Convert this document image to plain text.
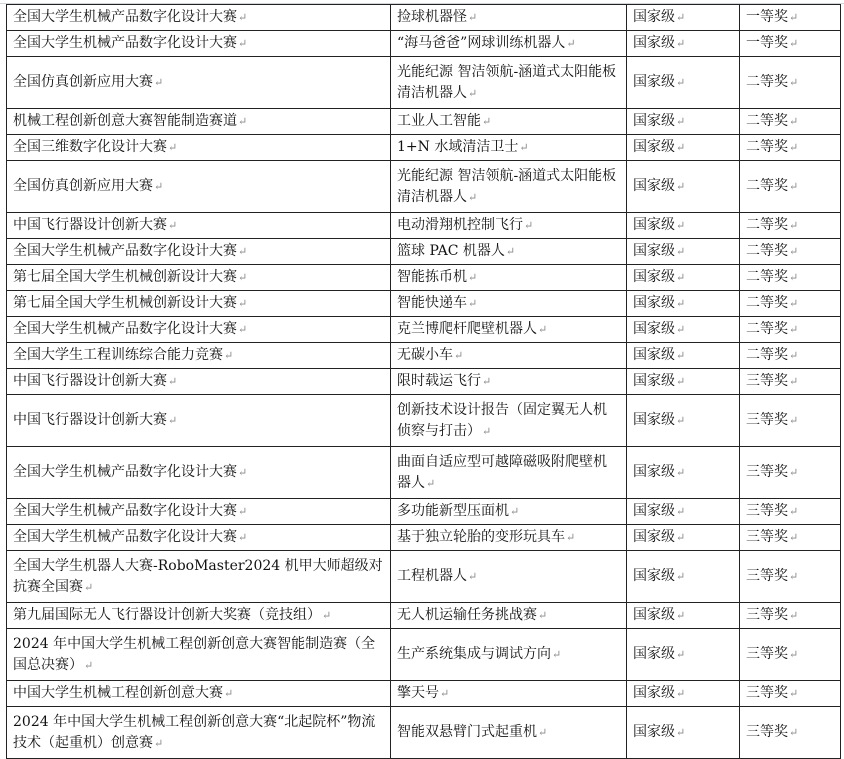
全国大学生机械产品数字化设计大赛↵	捡球机器怪↵	国家级↵	一等奖↵
全国大学生机械产品数字化设计大赛↵	“海马爸爸”网球训练机器人↵	国家级↵	一等奖↵
全国仿真创新应用大赛↵	光能纪源 智洁领航-涵道式太阳能板清洁机器人↵	国家级↵	二等奖↵
机械工程创新创意大赛智能制造赛道↵	工业人工智能↵	国家级↵	二等奖↵
全国三维数字化设计大赛↵	1+N 水域清洁卫士↵	国家级↵	二等奖↵
全国仿真创新应用大赛↵	光能纪源 智洁领航-涵道式太阳能板清洁机器人↵	国家级↵	二等奖↵
中国飞行器设计创新大赛↵	电动滑翔机控制飞行↵	国家级↵	二等奖↵
全国大学生机械产品数字化设计大赛↵	篮球 PAC 机器人↵	国家级↵	二等奖↵
第七届全国大学生机械创新设计大赛↵	智能拣币机↵	国家级↵	二等奖↵
第七届全国大学生机械创新设计大赛↵	智能快递车↵	国家级↵	二等奖↵
全国大学生机械产品数字化设计大赛↵	克兰博爬杆爬壁机器人↵	国家级↵	二等奖↵
全国大学生工程训练综合能力竞赛↵	无碳小车↵	国家级↵	二等奖↵
中国飞行器设计创新大赛↵	限时载运飞行↵	国家级↵	三等奖↵
中国飞行器设计创新大赛↵	创新技术设计报告（固定翼无人机侦察与打击）↵	国家级↵	三等奖↵
全国大学生机械产品数字化设计大赛↵	曲面自适应型可越障磁吸附爬壁机器人↵	国家级↵	三等奖↵
全国大学生机械产品数字化设计大赛↵	多功能新型压面机↵	国家级↵	三等奖↵
全国大学生机械产品数字化设计大赛↵	基于独立轮胎的变形玩具车↵	国家级↵	三等奖↵
全国大学生机器人大赛-RoboMaster2024 机甲大师超级对抗赛全国赛↵	工程机器人↵	国家级↵	三等奖↵
第九届国际无人飞行器设计创新大奖赛（竞技组）↵	无人机运输任务挑战赛↵	国家级↵	三等奖↵
2024 年中国大学生机械工程创新创意大赛智能制造赛（全国总决赛）↵	生产系统集成与调试方向↵	国家级↵	三等奖↵
中国大学生机械工程创新创意大赛↵	擎天号↵	国家级↵	三等奖↵
2024 年中国大学生机械工程创新创意大赛“北起院杯”物流技术（起重机）创意赛↵	智能双悬臂门式起重机↵	国家级↵	三等奖↵
